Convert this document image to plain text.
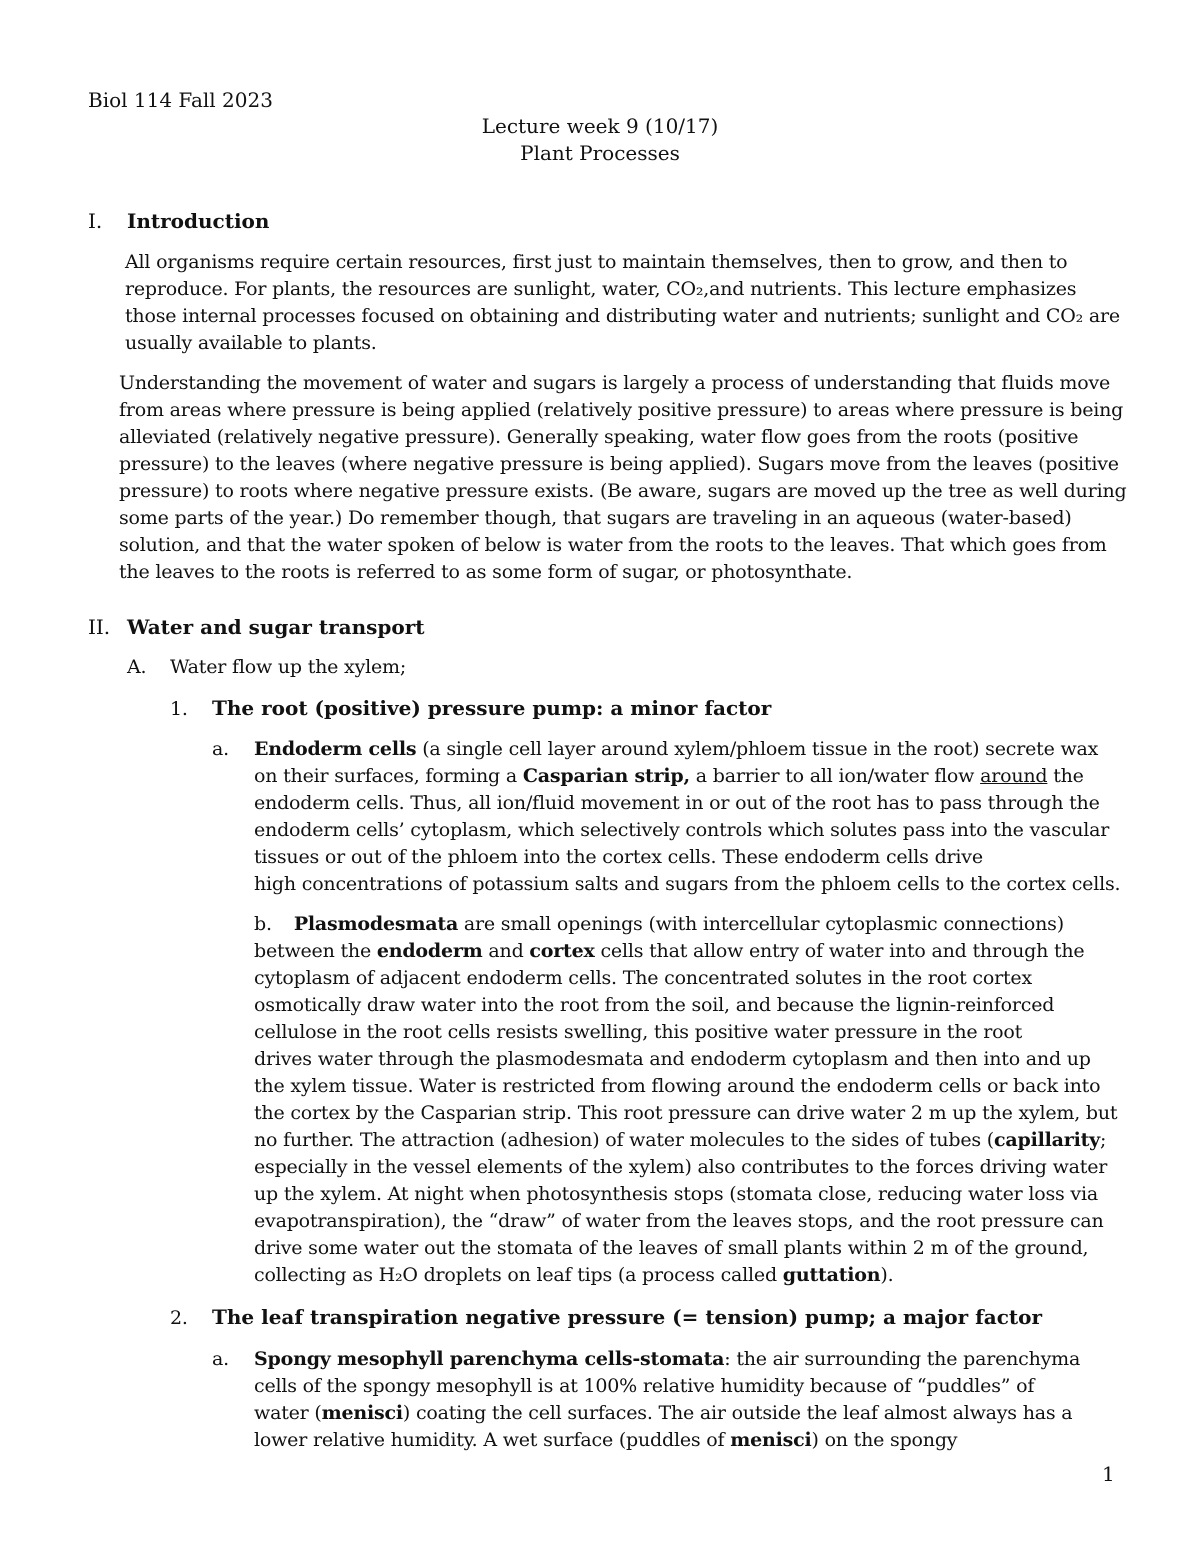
Biol 114 Fall 2023
Lecture week 9 (10/17)
Plant Processes
I. Introduction

All organisms require certain resources, first just to maintain themselves, then to grow, and then to

reproduce. For plants, the resources are sunlight, water, CO₂,and nutrients. This lecture emphasizes

those internal processes focused on obtaining and distributing water and nutrients; sunlight and CO₂ are

usually available to plants.

Understanding the movement of water and sugars is largely a process of understanding that fluids move

from areas where pressure is being applied (relatively positive pressure) to areas where pressure is being

alleviated (relatively negative pressure). Generally speaking, water flow goes from the roots (positive

pressure) to the leaves (where negative pressure is being applied). Sugars move from the leaves (positive

pressure) to roots where negative pressure exists. (Be aware, sugars are moved up the tree as well during

some parts of the year.) Do remember though, that sugars are traveling in an aqueous (water-based)

solution, and that the water spoken of below is water from the roots to the leaves. That which goes from

the leaves to the roots is referred to as some form of sugar, or photosynthate.

II. Water and sugar transport
A. Water flow up the xylem;
1. The root (positive) pressure pump: a minor factor
a. Endoderm cells (a single cell layer around xylem/phloem tissue in the root) secrete wax

on their surfaces, forming a Casparian strip, a barrier to all ion/water flow around the

endoderm cells. Thus, all ion/fluid movement in or out of the root has to pass through the

endoderm cells’ cytoplasm, which selectively controls which solutes pass into the vascular

tissues or out of the phloem into the cortex cells. These endoderm cells drive

high concentrations of potassium salts and sugars from the phloem cells to the cortex cells.

b. Plasmodesmata are small openings (with intercellular cytoplasmic connections)

between the endoderm and cortex cells that allow entry of water into and through the

cytoplasm of adjacent endoderm cells. The concentrated solutes in the root cortex

osmotically draw water into the root from the soil, and because the lignin-reinforced

cellulose in the root cells resists swelling, this positive water pressure in the root

drives water through the plasmodesmata and endoderm cytoplasm and then into and up

the xylem tissue. Water is restricted from flowing around the endoderm cells or back into

the cortex by the Casparian strip. This root pressure can drive water 2 m up the xylem, but

no further. The attraction (adhesion) of water molecules to the sides of tubes (capillarity;

especially in the vessel elements of the xylem) also contributes to the forces driving water

up the xylem. At night when photosynthesis stops (stomata close, reducing water loss via

evapotranspiration), the “draw” of water from the leaves stops, and the root pressure can

drive some water out the stomata of the leaves of small plants within 2 m of the ground,

collecting as H₂O droplets on leaf tips (a process called guttation).

2. The leaf transpiration negative pressure (= tension) pump; a major factor
a. Spongy mesophyll parenchyma cells-stomata: the air surrounding the parenchyma

cells of the spongy mesophyll is at 100% relative humidity because of “puddles” of

water (menisci) coating the cell surfaces. The air outside the leaf almost always has a

lower relative humidity. A wet surface (puddles of menisci) on the spongy

1
